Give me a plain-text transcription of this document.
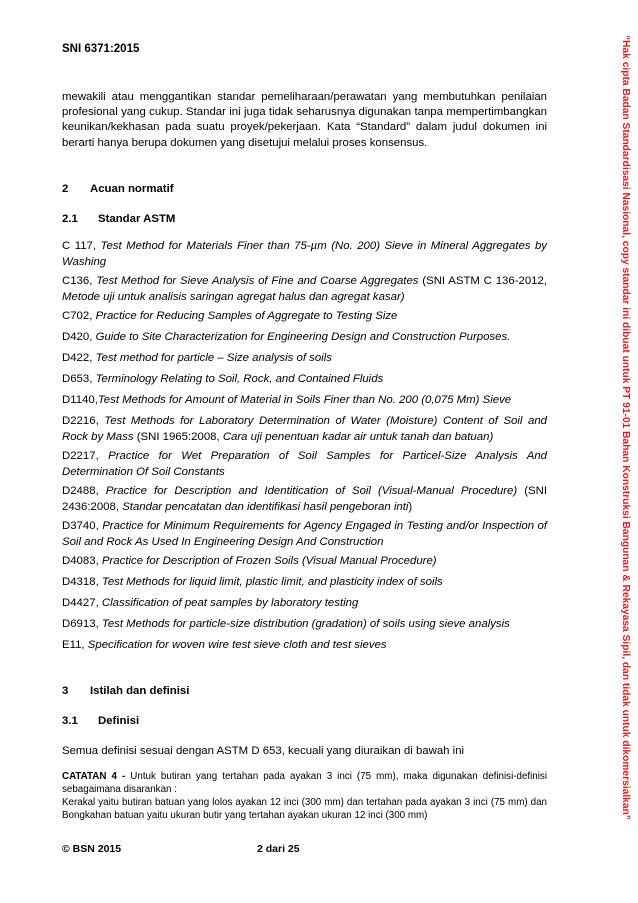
SNI 6371:2015

mewakili atau menggantikan standar pemeliharaan/perawatan yang membutuhkan penilaian profesional yang cukup. Standar ini juga tidak seharusnya digunakan tanpa mempertimbangkan keunikan/kekhasan pada suatu proyek/pekerjaan. Kata “Standard” dalam judul dokumen ini berarti hanya berupa dokumen yang disetujui melalui proses konsensus.

2	Acuan normatif
2.1	Standar ASTM

C 117, Test Method for Materials Finer than 75-µm (No. 200) Sieve in Mineral Aggregates by Washing

C136, Test Method for Sieve Analysis of Fine and Coarse Aggregates (SNI ASTM C 136-2012, Metode uji untuk analisis saringan agregat halus dan agregat kasar)

C702, Practice for Reducing Samples of Aggregate to Testing Size

D420, Guide to Site Characterization for Engineering Design and Construction Purposes.

D422, Test method for particle – Size analysis of soils

D653, Terminology Relating to Soil, Rock, and Contained Fluids

D1140,Test Methods for Amount of Material in Soils Finer than No. 200 (0,075 Mm) Sieve

D2216, Test Methods for Laboratory Determination of Water (Moisture) Content of Soil and Rock by Mass (SNI 1965:2008, Cara uji penentuan kadar air untuk tanah dan batuan)

D2217, Practice for Wet Preparation of Soil Samples for Particel-Size Analysis And Determination Of Soil Constants

D2488, Practice for Description and Identitication of Soil (Visual-Manual Procedure) (SNI 2436:2008, Standar pencatatan dan identifikasi hasil pengeboran inti)

D3740, Practice for Minimum Requirements for Agency Engaged in Testing and/or Inspection of Soil and Rock As Used In Engineering Design And Construction

D4083, Practice for Description of Frozen Soils (Visual Manual Procedure)

D4318, Test Methods for liquid limit, plastic limit, and plasticity index of soils

D4427, Classification of peat samples by laboratory testing

D6913, Test Methods for particle-size distribution (gradation) of soils using sieve analysis

E11, Specification for woven wire test sieve cloth and test sieves

3	Istilah dan definisi
3.1	Definisi

Semua definisi sesuai dengan ASTM D 653, kecuali yang diuraikan di bawah ini

CATATAN 4 - Untuk butiran yang tertahan pada ayakan 3 inci (75 mm), maka digunakan definisi-definisi sebagaimana disarankan :

Kerakal yaitu butiran batuan yang lolos ayakan 12 inci (300 mm) dan tertahan pada ayakan 3 inci (75 mm) dan Bongkahan batuan yaitu ukuran butir yang tertahan ayakan ukuran 12 inci (300 mm)

© BSN 2015	2 dari 25
“Hak cipta Badan Standardisasi Nasional, copy standar ini dibuat untuk PT 91-01 Bahan Konstruksi Bangunan & Rekayasa Sipil, dan tidak untuk dikomersialkan”
